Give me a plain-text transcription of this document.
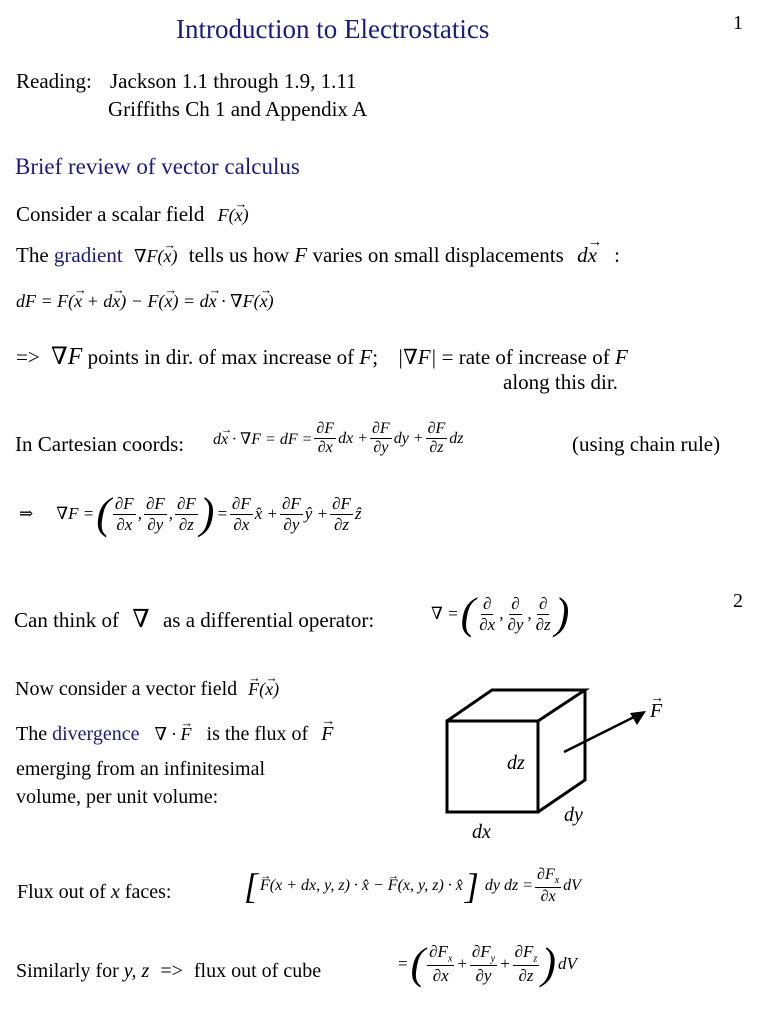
Introduction to Electrostatics	1
Reading: Jackson 1.1 through 1.9, 1.11
Griffiths Ch 1 and Appendix A
Brief review of vector calculus
Consider a scalar field F(→ x)
The gradient ∇F(→ x) tells us how F varies on small displacements d→ x :
dF = F(→ x + d→ x) − F(→ x) = d→ x · ∇F(→ x)
=> ∇F points in dir. of max increase of F; |∇F| = rate of increase of F
along this dir.
In Cartesian coords: d→ x · ∇F = dF = $\frac{\partial F}{\partial x}$ dx + $\frac{\partial F}{\partial y}$ dy + $\frac{\partial F}{\partial z}$ dz	(using chain rule)
⇒ ∇F = ( $\frac{\partial F}{\partial x}$ , $\frac{\partial F}{\partial y}$ , $\frac{\partial F}{\partial z}$ ) = $\frac{\partial F}{\partial x}$ x̂ + $\frac{\partial F}{\partial y}$ ŷ + $\frac{\partial F}{\partial z}$ ẑ
2
Can think of ∇ as a differential operator:	∇ = ( $\frac{\partial}{\partial x}$ , $\frac{\partial}{\partial y}$ , $\frac{\partial}{\partial z}$ )
Now consider a vector field → F(→ x)
The divergence ∇ · → F is the flux of → F
emerging from an infinitesimal
volume, per unit volume:
→ F
dz
dy
dx
Flux out of x faces: [ → F(x + dx, y, z) · x̂ − → F(x, y, z) · x̂ ] dy dz = $\frac{\partial F_x}{\partial x}$ dV
Similarly for y, z => flux out of cube	= ( $\frac{\partial F_x}{\partial x} + \frac{\partial F_y}{\partial y} + \frac{\partial F_z}{\partial z}$ ) dV
